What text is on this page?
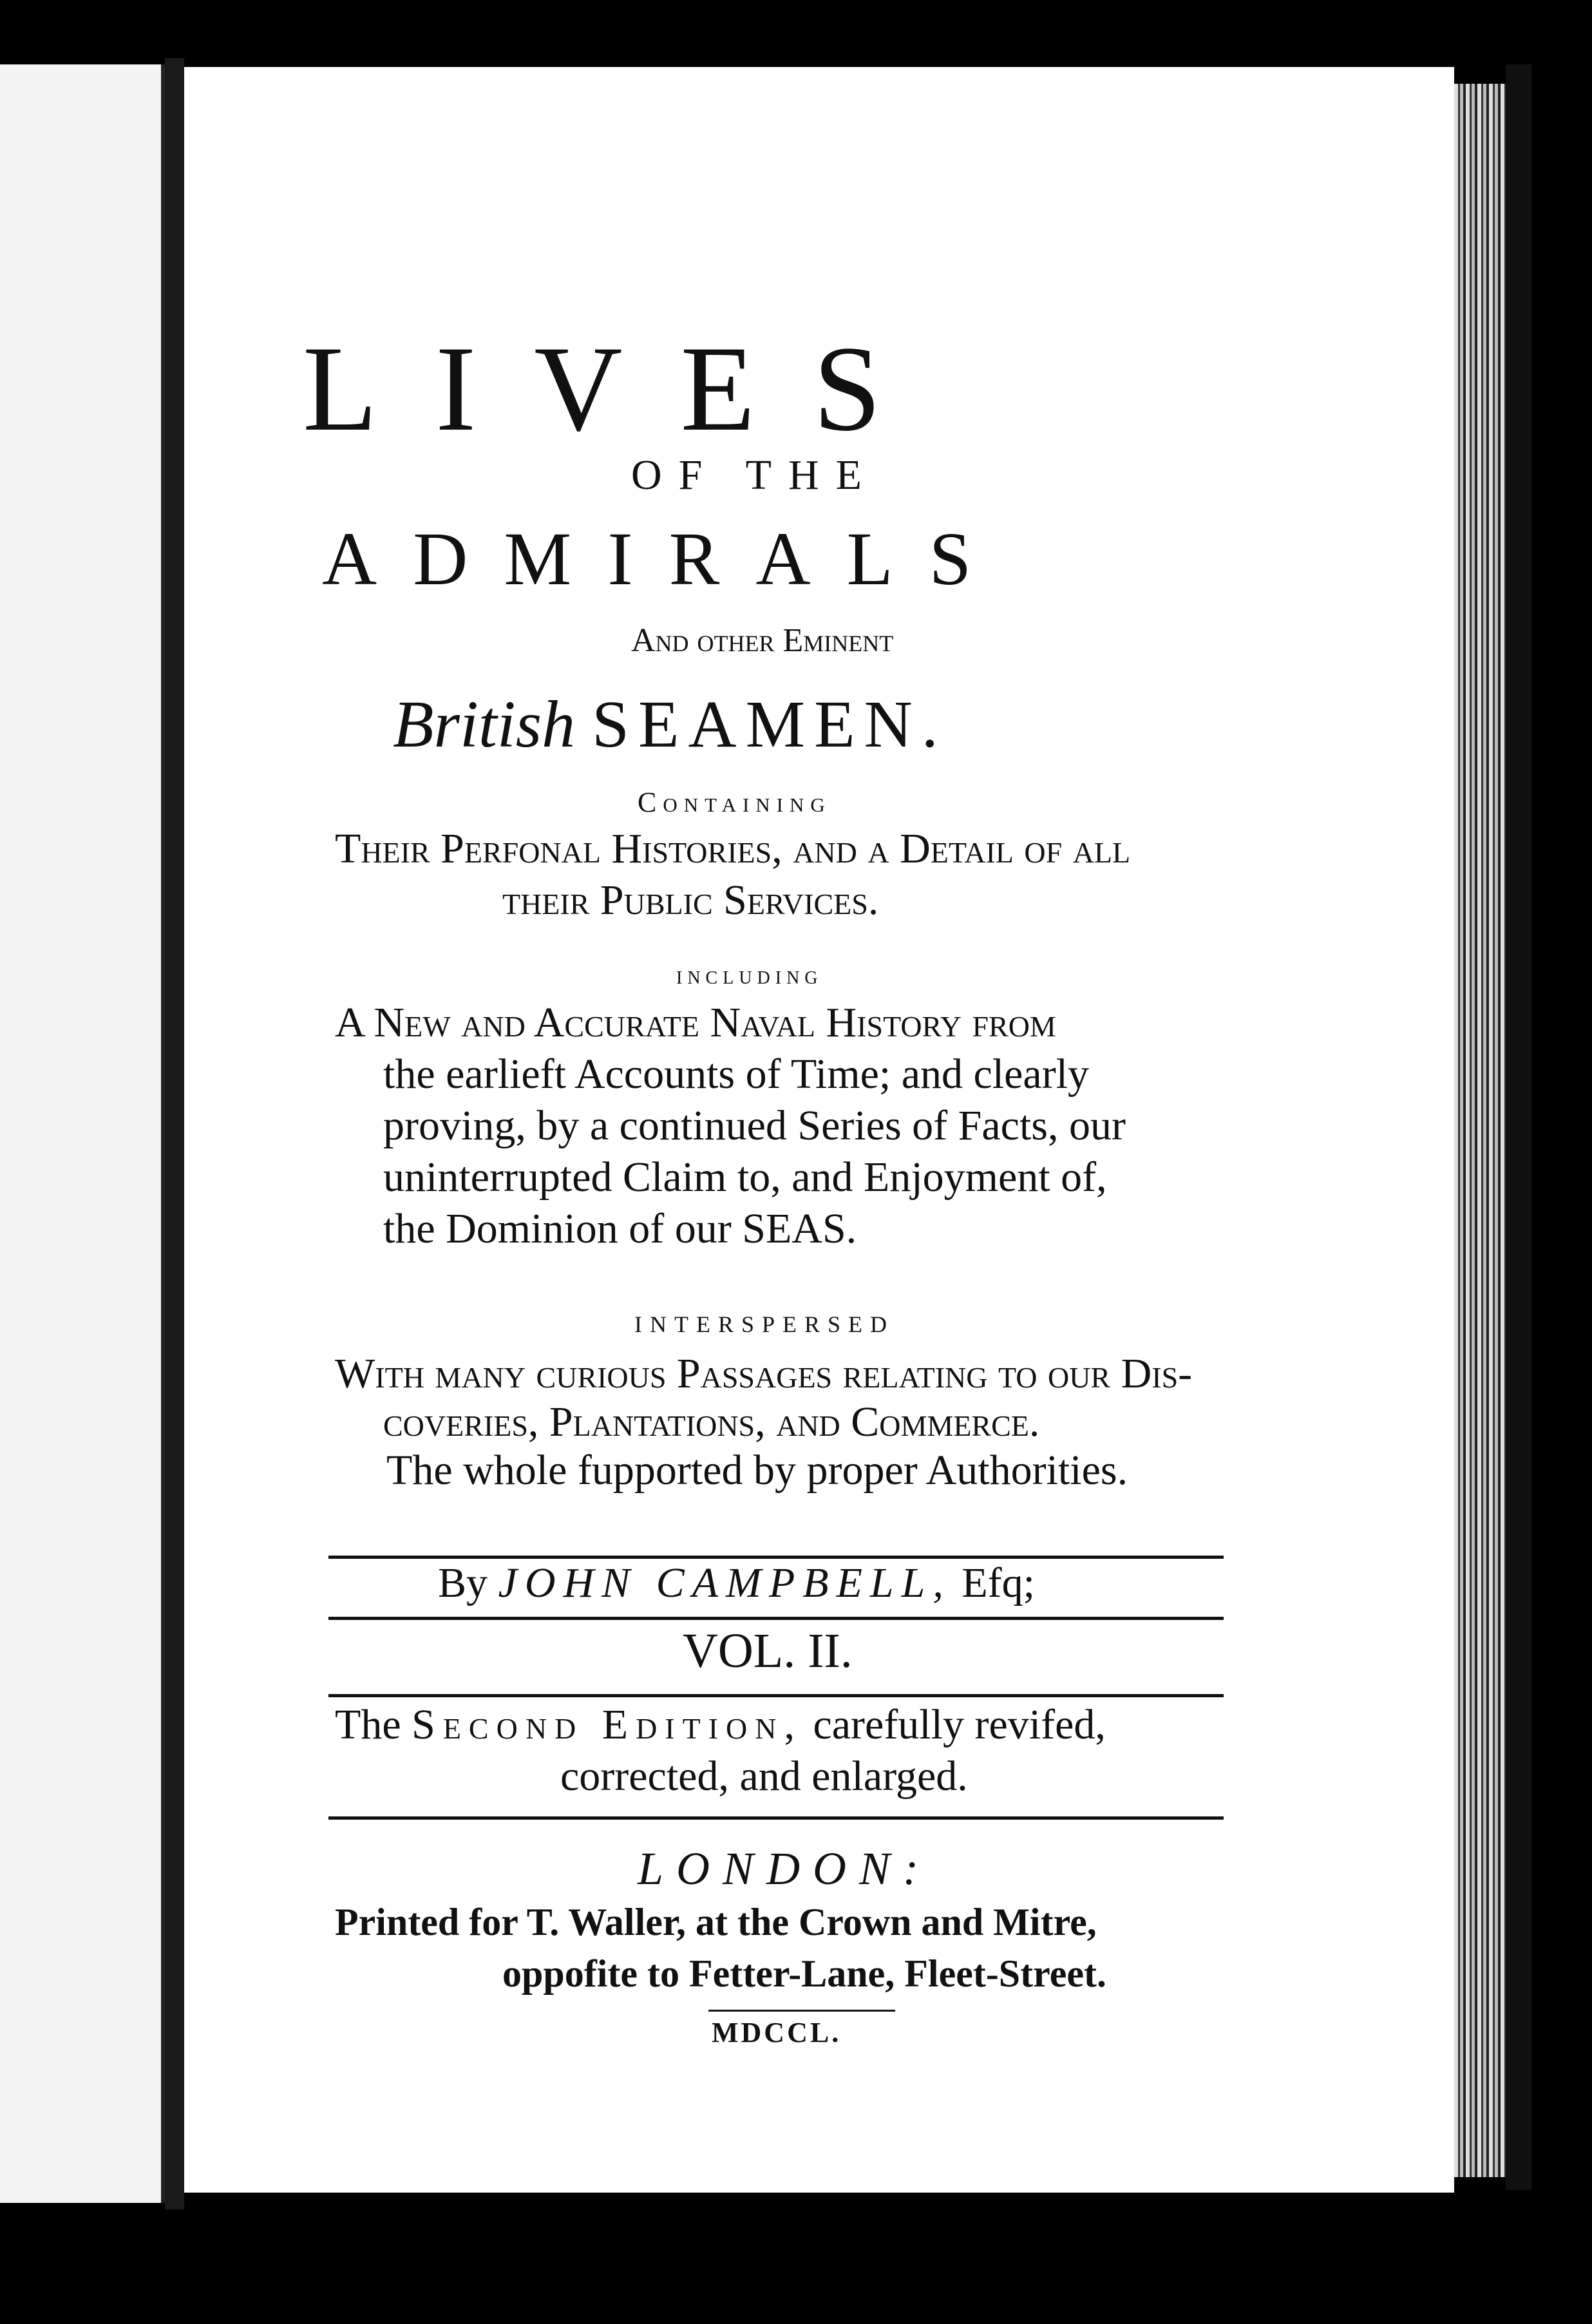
LIVES
OF THE
ADMIRALS
And other Eminent
British SEAMEN.
Containing
Their Perfonal Histories, and a Detail of all
their Public Services.
including
A New and Accurate Naval History from
the earlieft Accounts of Time; and clearly
proving, by a continued Series of Facts, our
uninterrupted Claim to, and Enjoyment of,
the Dominion of our SEAS.
INTERSPERSED
With many curious Passages relating to our Dis-
coveries, Plantations, and Commerce.
The whole fupported by proper Authorities.
By JOHN CAMPBELL, Efq;
VOL. II.
The Second Edition, carefully revifed,
corrected, and enlarged.
LONDON:
Printed for T. Waller, at the Crown and Mitre,
oppofite to Fetter-Lane, Fleet-Street.
MDCCL.
